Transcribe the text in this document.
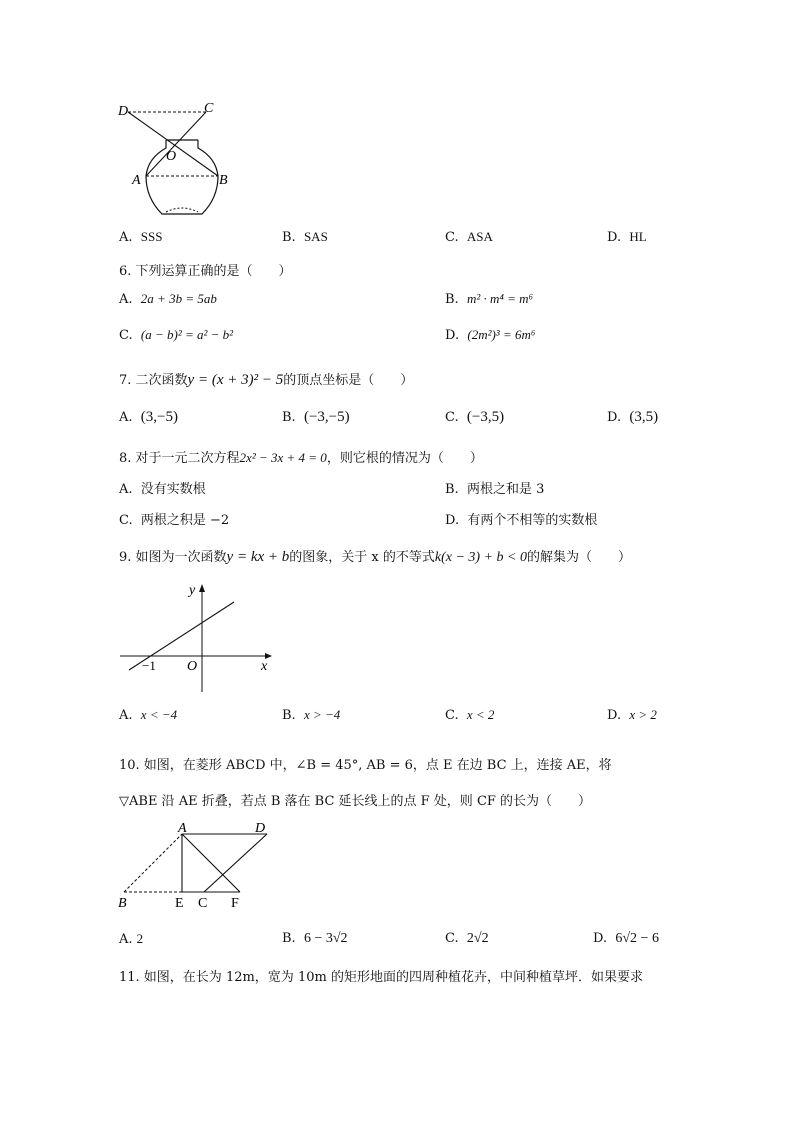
D	C
O
A	B
A. SSS	B. SAS	C. ASA	D. HL
6. 下列运算正确的是（　　）
A. 2a + 3b = 5ab	B. m² · m⁴ = m⁶
C. (a − b)² = a² − b²	D. (2m²)³ = 6m⁶
7. 二次函数y = (x + 3)² − 5的顶点坐标是（　　）
A. (3,−5)	B. (−3,−5)	C. (−3,5)	D. (3,5)
8. 对于一元二次方程2x² − 3x + 4 = 0，则它根的情况为（　　）
A. 没有实数根	B. 两根之和是 3
C. 两根之积是 −2	D. 有两个不相等的实数根
9. 如图为一次函数y = kx + b的图象，关于 x 的不等式k(x − 3) + b < 0的解集为（　　）
y
x
O
−1
A. x < −4	B. x > −4	C. x < 2	D. x > 2
10. 如图，在菱形 ABCD 中，∠B = 45°, AB = 6，点 E 在边 BC 上，连接 AE，将
▽ABE 沿 AE 折叠，若点 B 落在 BC 延长线上的点 F 处，则 CF 的长为（　　）
A	D
B	E C F
A. 2	B. 6 − 3√2	C. 2√2	D. 6√2 − 6
11. 如图，在长为 12m，宽为 10m 的矩形地面的四周种植花卉，中间种植草坪．如果要求
